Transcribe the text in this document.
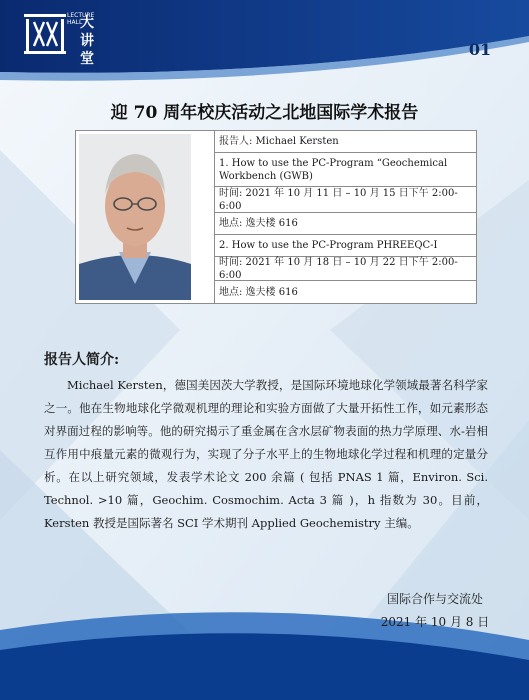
LECTURE HALL
大讲堂	01
迎 70 周年校庆活动之北地国际学术报告
报告人: Michael Kersten
1. How to use the PC-Program “Geochemical Workbench (GWB)
时间: 2021 年 10 月 11 日 – 10 月 15 日下午 2:00-6:00
地点: 逸夫楼 616
2. How to use the PC-Program PHREEQC-I
时间: 2021 年 10 月 18 日 – 10 月 22 日下午 2:00-6:00
地点: 逸夫楼 616
报告人简介:

Michael Kersten，德国美因茨大学教授，是国际环境地球化学领域最著名科学家之一。他在生物地球化学微观机理的理论和实验方面做了大量开拓性工作，如元素形态对界面过程的影响等。他的研究揭示了重金属在含水层矿物表面的热力学原理、水-岩相互作用中痕量元素的微观行为，实现了分子水平上的生物地球化学过程和机理的定量分析。在以上研究领域，发表学术论文 200 余篇 ( 包括 PNAS 1 篇，Environ. Sci. Technol. >10 篇，Geochim. Cosmochim. Acta 3 篇 )，h 指数为 30。目前，Kersten 教授是国际著名 SCI 学术期刊 Applied Geochemistry 主编。

国际合作与交流处
2021 年 10 月 8 日
